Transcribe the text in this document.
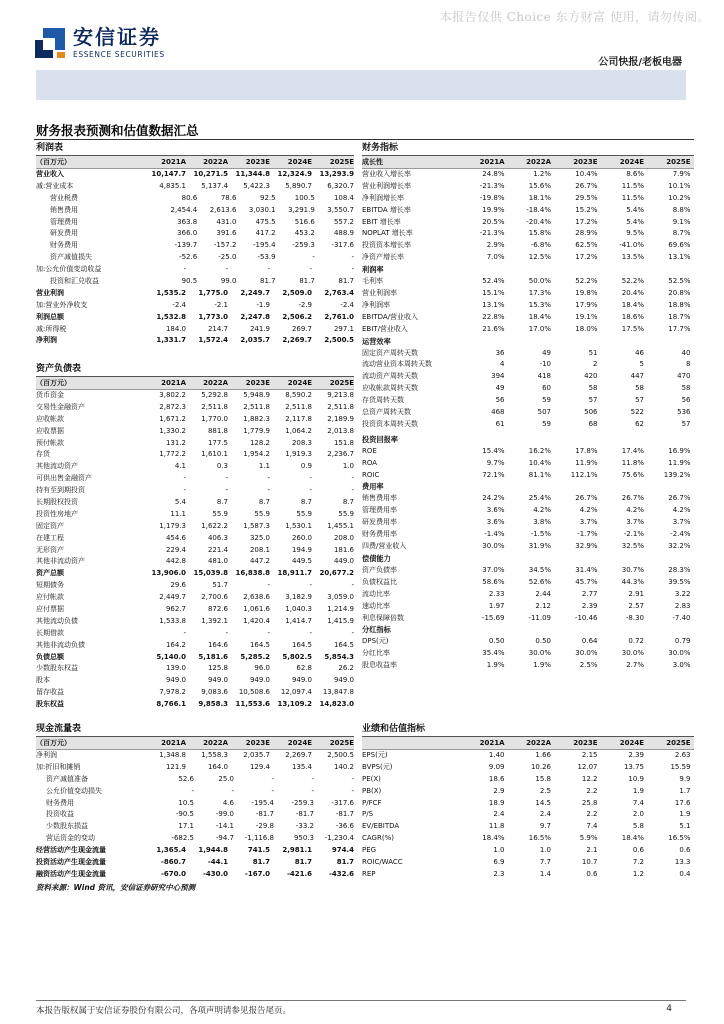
本报告仅供 Choice 东方财富 使用，请勿传阅。
安信证券
ESSENCE SECURITIES
公司快报/老板电器
财务报表预测和估值数据汇总
利润表
（百万元）	2021A	2022A	2023E	2024E	2025E
营业收入	10,147.7	10,271.5	11,344.8	12,324.9	13,293.9
减:营业成本	4,835.1	5,137.4	5,422.3	5,890.7	6,320.7
营业税费	80.6	78.6	92.5	100.5	108.4
销售费用	2,454.4	2,613.6	3,030.1	3,291.9	3,550.7
管理费用	363.8	431.0	475.5	516.6	557.2
研发费用	366.0	391.6	417.2	453.2	488.9
财务费用	-139.7	-157.2	-195.4	-259.3	-317.6
资产减值损失	-52.6	-25.0	-53.9	-	-
加:公允价值变动收益	-	-	-	-	-
投资和汇兑收益	90.5	99.0	81.7	81.7	81.7
营业利润	1,535.2	1,775.0	2,249.7	2,509.0	2,763.4
加:营业外净收支	-2.4	-2.1	-1.9	-2.9	-2.4
利润总额	1,532.8	1,773.0	2,247.8	2,506.2	2,761.0
减:所得税	184.0	214.7	241.9	269.7	297.1
净利润	1,331.7	1,572.4	2,035.7	2,269.7	2,500.5
资产负债表
（百万元）	2021A	2022A	2023E	2024E	2025E
货币资金	3,802.2	5,292.8	5,948.9	8,590.2	9,213.8
交易性金融资产	2,872.3	2,511.8	2,511.8	2,511.8	2,511.8
应收帐款	1,671.2	1,770.0	1,882.3	2,117.8	2,189.9
应收票据	1,330.2	881.8	1,779.9	1,064.2	2,013.8
预付帐款	131.2	177.5	128.2	208.3	151.8
存货	1,772.2	1,610.1	1,954.2	1,919.3	2,236.7
其他流动资产	4.1	0.3	1.1	0.9	1.0
可供出售金融资产	-	-	-	-	-
持有至到期投资	-	-	-	-	-
长期股权投资	5.4	8.7	8.7	8.7	8.7
投资性房地产	11.1	55.9	55.9	55.9	55.9
固定资产	1,179.3	1,622.2	1,587.3	1,530.1	1,455.1
在建工程	454.6	406.3	325.0	260.0	208.0
无形资产	229.4	221.4	208.1	194.9	181.6
其他非流动资产	442.8	481.0	447.2	449.5	449.0
资产总额	13,906.0	15,039.8	16,838.8	18,911.7	20,677.2
短期债务	29.6	51.7	-	-	-
应付帐款	2,449.7	2,700.6	2,638.6	3,182.9	3,059.0
应付票据	962.7	872.6	1,061.6	1,040.3	1,214.9
其他流动负债	1,533.8	1,392.1	1,420.4	1,414.7	1,415.9
长期借款	-	-	-	-	-
其他非流动负债	164.2	164.6	164.5	164.5	164.5
负债总额	5,140.0	5,181.6	5,285.2	5,802.5	5,854.3
少数股东权益	139.0	125.8	96.0	62.8	26.2
股本	949.0	949.0	949.0	949.0	949.0
留存收益	7,978.2	9,083.6	10,508.6	12,097.4	13,847.8
股东权益	8,766.1	9,858.3	11,553.6	13,109.2	14,823.0
财务指标
成长性	2021A	2022A	2023E	2024E	2025E
营业收入增长率	24.8%	1.2%	10.4%	8.6%	7.9%
营业利润增长率	-21.3%	15.6%	26.7%	11.5%	10.1%
净利润增长率	-19.8%	18.1%	29.5%	11.5%	10.2%
EBITDA 增长率	19.9%	-18.4%	15.2%	5.4%	8.8%
EBIT 增长率	20.5%	-20.4%	17.2%	5.4%	9.1%
NOPLAT 增长率	-21.3%	15.8%	28.9%	9.5%	8.7%
投资资本增长率	2.9%	-6.8%	62.5%	-41.0%	69.6%
净资产增长率	7.0%	12.5%	17.2%	13.5%	13.1%
利润率
毛利率	52.4%	50.0%	52.2%	52.2%	52.5%
营业利润率	15.1%	17.3%	19.8%	20.4%	20.8%
净利润率	13.1%	15.3%	17.9%	18.4%	18.8%
EBITDA/营业收入	22.8%	18.4%	19.1%	18.6%	18.7%
EBIT/营业收入	21.6%	17.0%	18.0%	17.5%	17.7%
运营效率
固定资产周转天数	36	49	51	46	40
流动营业资本周转天数	4	-10	2	5	8
流动资产周转天数	394	418	420	447	470
应收帐款周转天数	49	60	58	58	58
存货周转天数	56	59	57	57	56
总资产周转天数	468	507	506	522	536
投资资本周转天数	61	59	68	62	57
投资回报率
ROE	15.4%	16.2%	17.8%	17.4%	16.9%
ROA	9.7%	10.4%	11.9%	11.8%	11.9%
ROIC	72.1%	81.1%	112.1%	75.6%	139.2%
费用率
销售费用率	24.2%	25.4%	26.7%	26.7%	26.7%
管理费用率	3.6%	4.2%	4.2%	4.2%	4.2%
研发费用率	3.6%	3.8%	3.7%	3.7%	3.7%
财务费用率	-1.4%	-1.5%	-1.7%	-2.1%	-2.4%
四费/营业收入	30.0%	31.9%	32.9%	32.5%	32.2%
偿债能力
资产负债率	37.0%	34.5%	31.4%	30.7%	28.3%
负债权益比	58.6%	52.6%	45.7%	44.3%	39.5%
流动比率	2.33	2.44	2.77	2.91	3.22
速动比率	1.97	2.12	2.39	2.57	2.83
利息保障倍数	-15.69	-11.09	-10.46	-8.30	-7.40
分红指标
DPS(元)	0.50	0.50	0.64	0.72	0.79
分红比率	35.4%	30.0%	30.0%	30.0%	30.0%
股息收益率	1.9%	1.9%	2.5%	2.7%	3.0%
现金流量表
（百万元）	2021A	2022A	2023E	2024E	2025E
净利润	1,348.8	1,558.3	2,035.7	2,269.7	2,500.5
加:折旧和摊销	121.9	164.0	129.4	135.4	140.2
资产减值准备	52.6	25.0	-	-	-
公允价值变动损失	-	-	-	-	-
财务费用	10.5	4.6	-195.4	-259.3	-317.6
投资收益	-90.5	-99.0	-81.7	-81.7	-81.7
少数股东损益	17.1	-14.1	-29.8	-33.2	-36.6
营运资金的变动	-682.5	-94.7	-1,116.8	950.3	-1,230.4
经营活动产生现金流量	1,365.4	1,944.8	741.5	2,981.1	974.4
投资活动产生现金流量	-860.7	-44.1	81.7	81.7	81.7
融资活动产生现金流量	-670.0	-430.0	-167.0	-421.6	-432.6
业绩和估值指标
2021A	2022A	2023E	2024E	2025E
EPS(元)	1.40	1.66	2.15	2.39	2.63
BVPS(元)	9.09	10.26	12.07	13.75	15.59
PE(X)	18.6	15.8	12.2	10.9	9.9
PB(X)	2.9	2.5	2.2	1.9	1.7
P/FCF	18.9	14.5	25.8	7.4	17.6
P/S	2.4	2.4	2.2	2.0	1.9
EV/EBITDA	11.8	9.7	7.4	5.8	5.1
CAGR(%)	18.4%	16.5%	5.9%	18.4%	16.5%
PEG	1.0	1.0	2.1	0.6	0.6
ROIC/WACC	6.9	7.7	10.7	7.2	13.3
REP	2.3	1.4	0.6	1.2	0.4
资料来源：Wind 资讯，安信证券研究中心预测
本报告版权属于安信证券股份有限公司，各项声明请参见报告尾页。	4
